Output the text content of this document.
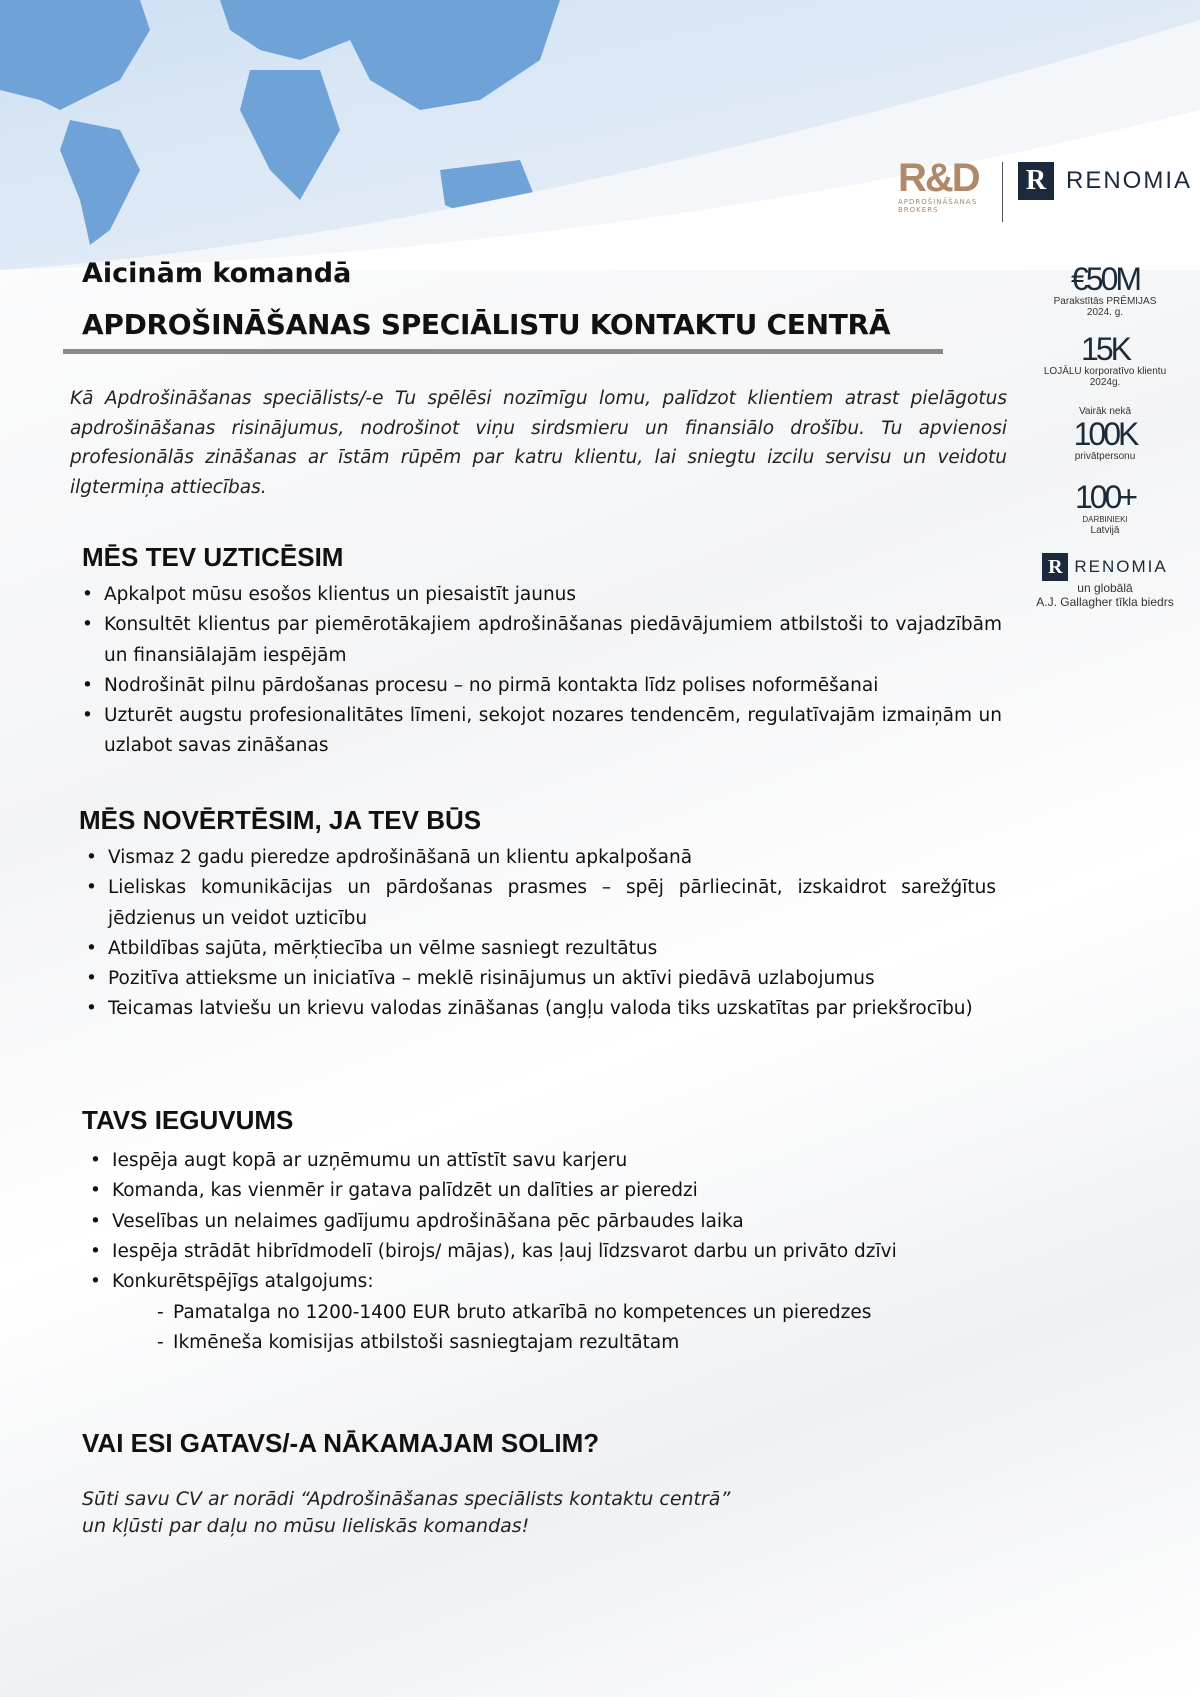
R&D
APDROŠINĀŠANAS
BROKERS
R RENOMIA
Aicinām komandā
APDROŠINĀŠANAS SPECIĀLISTU KONTAKTU CENTRĀ

Kā Apdrošināšanas speciālists/-e Tu spēlēsi nozīmīgu lomu, palīdzot klientiem atrast pielāgotus apdrošināšanas risinājumus, nodrošinot viņu sirdsmieru un finansiālo drošību. Tu apvienosi profesionālās zināšanas ar īstām rūpēm par katru klientu, lai sniegtu izcilu servisu un veidotu ilgtermiņa attiecības.

MĒS TEV UZTICĒSIM
• Apkalpot mūsu esošos klientus un piesaistīt jaunus
• Konsultēt klientus par piemērotākajiem apdrošināšanas piedāvājumiem atbilstoši to vajadzībām un finansiālajām iespējām
• Nodrošināt pilnu pārdošanas procesu – no pirmā kontakta līdz polises noformēšanai
• Uzturēt augstu profesionalitātes līmeni, sekojot nozares tendencēm, regulatīvajām izmaiņām un uzlabot savas zināšanas
MĒS NOVĒRTĒSIM, JA TEV BŪS
• Vismaz 2 gadu pieredze apdrošināšanā un klientu apkalpošanā
• Lieliskas komunikācijas un pārdošanas prasmes – spēj pārliecināt, izskaidrot sarežģītus jēdzienus un veidot uzticību
• Atbildības sajūta, mērķtiecība un vēlme sasniegt rezultātus
• Pozitīva attieksme un iniciatīva – meklē risinājumus un aktīvi piedāvā uzlabojumus
• Teicamas latviešu un krievu valodas zināšanas (angļu valoda tiks uzskatītas par priekšrocību)
TAVS IEGUVUMS
• Iespēja augt kopā ar uzņēmumu un attīstīt savu karjeru
• Komanda, kas vienmēr ir gatava palīdzēt un dalīties ar pieredzi
• Veselības un nelaimes gadījumu apdrošināšana pēc pārbaudes laika
• Iespēja strādāt hibrīdmodelī (birojs/ mājas), kas ļauj līdzsvarot darbu un privāto dzīvi
• Konkurētspējīgs atalgojums:
- Pamatalga no 1200-1400 EUR bruto atkarībā no kompetences un pieredzes
- Ikmēneša komisijas atbilstoši sasniegtajam rezultātam
VAI ESI GATAVS/-A NĀKAMAJAM SOLIM?
Sūti savu CV ar norādi “Apdrošināšanas speciālists kontaktu centrā”
un kļūsti par daļu no mūsu lieliskās komandas!
€50M
Parakstītās PRĒMIJAS
2024. g.
15K
LOJĀLU korporatīvo klientu
2024g.
Vairāk nekā
100K
privātpersonu
100+
DARBINIEKI
Latvijā
R RENOMIA
un globālā
A.J. Gallagher tīkla biedrs
